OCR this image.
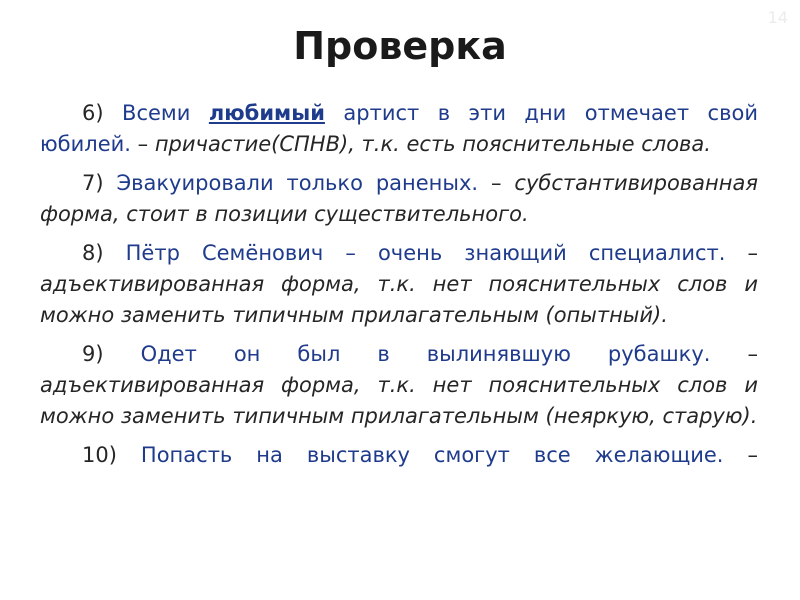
14
Проверка

6) Всеми любимый артист в эти дни отмечает свой юбилей. – причастие(СПНВ), т.к. есть пояснительные слова.

7) Эвакуировали только раненых. – субстантивированная форма, стоит в позиции существительного.

8) Пётр Семёнович – очень знающий специалист. – адъективированная форма, т.к. нет пояснительных слов и можно заменить типичным прилагательным (опытный).

9) Одет он был в вылинявшую рубашку. – адъективированная форма, т.к. нет пояснительных слов и можно заменить типичным прилагательным (неяркую, старую).

10) Попасть на выставку смогут все желающие. –
